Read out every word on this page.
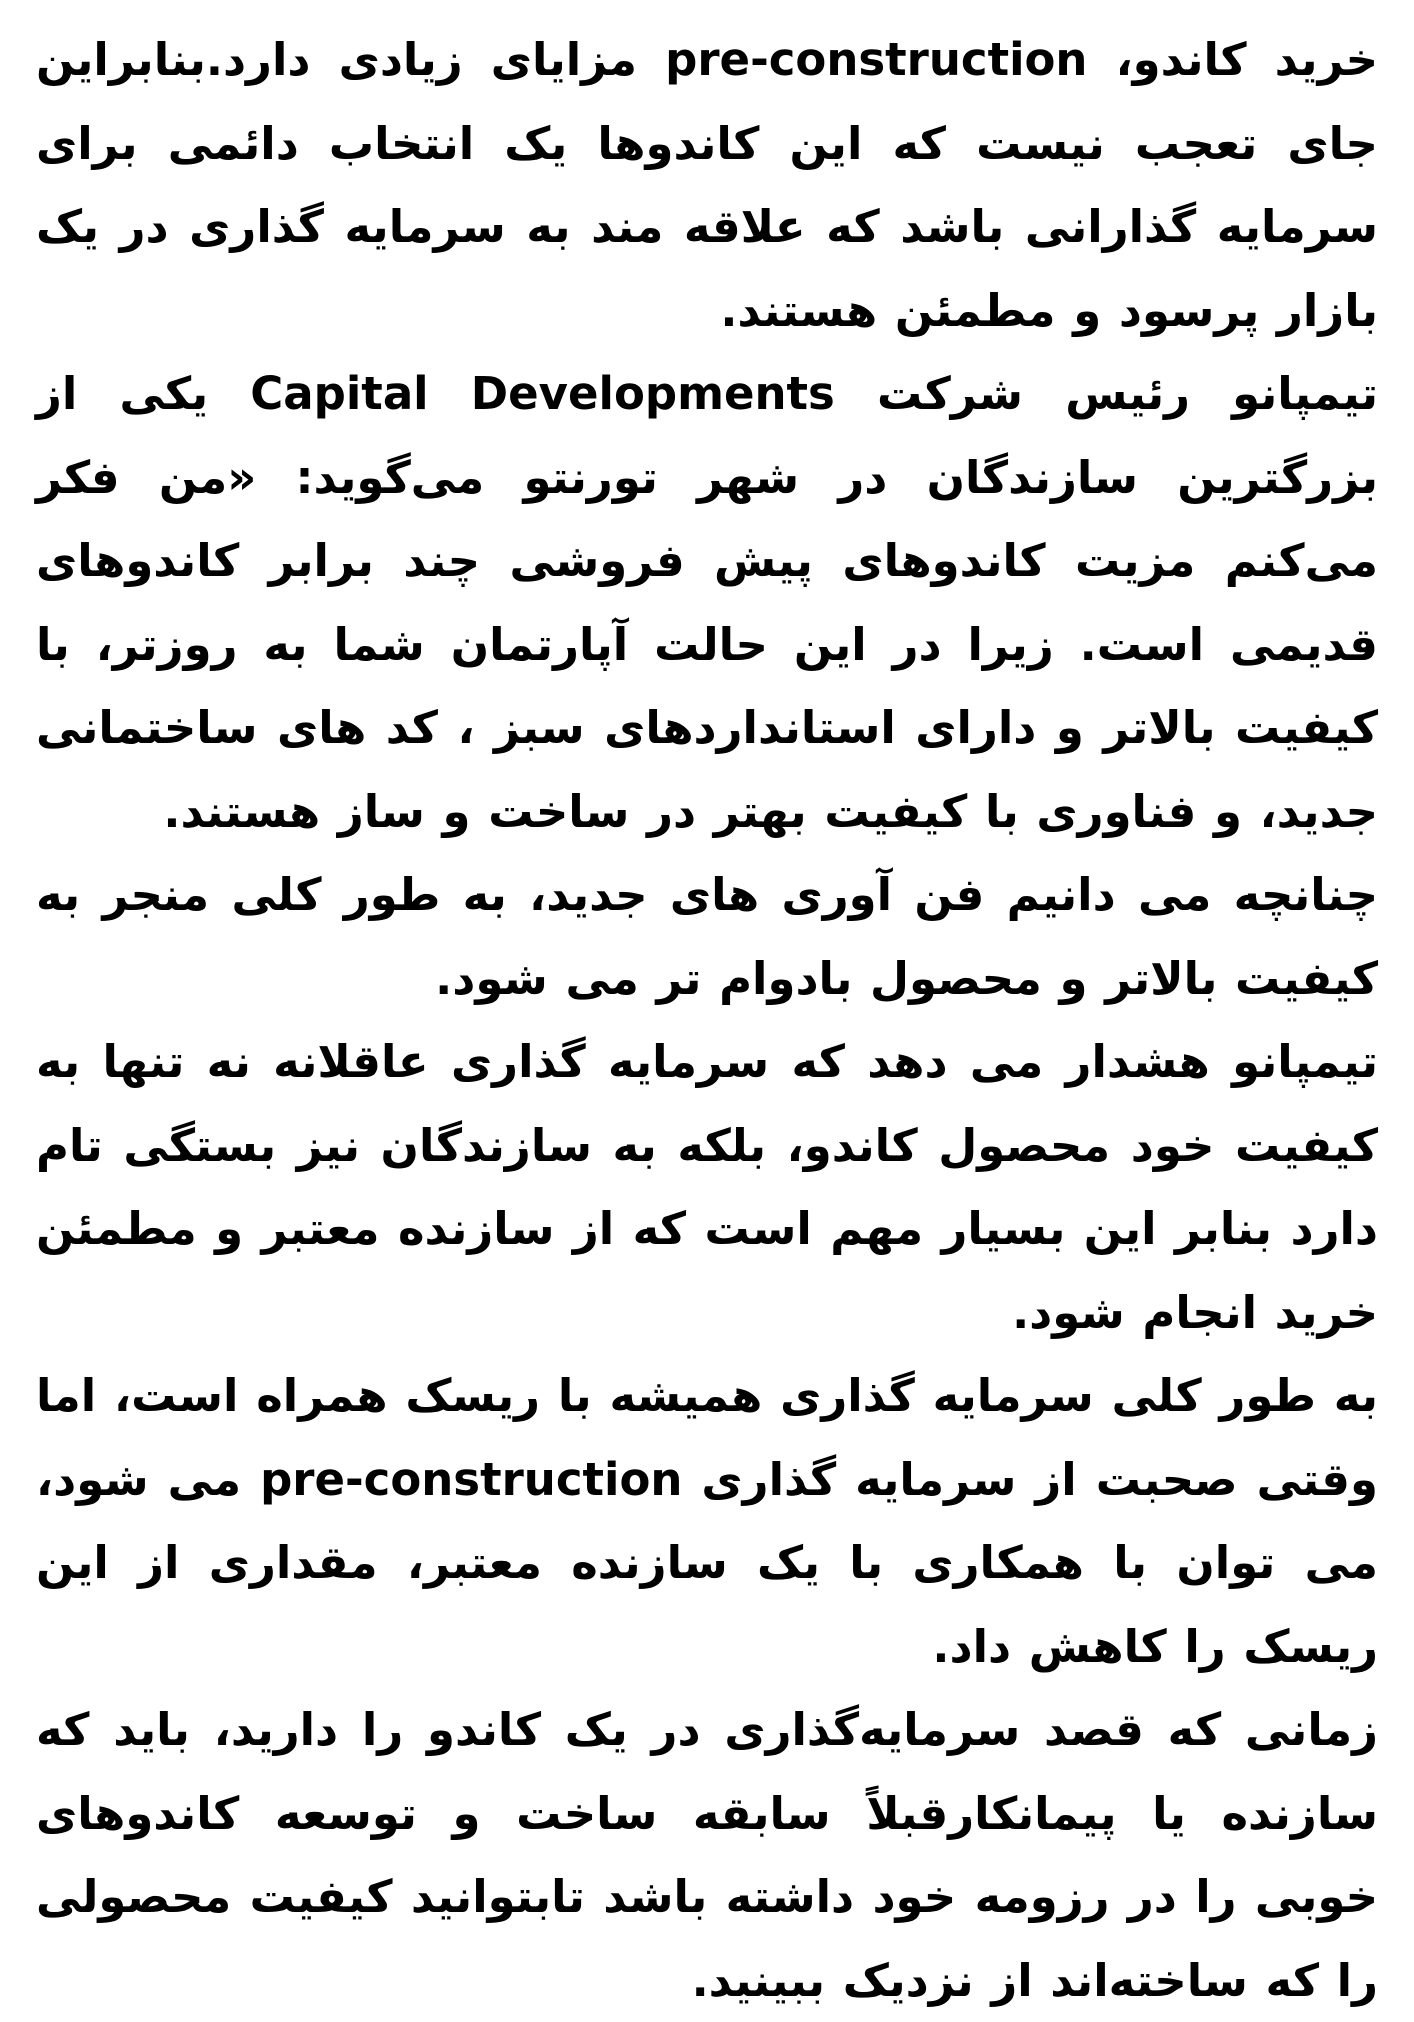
خرید کاندو، pre-construction مزایای زیادی دارد.بنابراین جای تعجب نیست که این کاندوها یک انتخاب دائمی برای سرمایه گذارانی باشد که علاقه مند به سرمایه گذاری در یک بازار پرسود و مطمئن هستند.

تیمپانو رئیس شرکت Capital Developments یکی از بزرگترین سازندگان در شهر تورنتو می‌گوید: «من فکر می‌کنم مزیت کاندوهای پیش فروشی چند برابر کاندوهای قدیمی است. زیرا در این حالت آپارتمان شما به روزتر، با کیفیت بالاتر و دارای استانداردهای سبز ، کد های ساختمانی جدید، و فناوری با کیفیت بهتر در ساخت و ساز هستند.

چنانچه می دانیم فن آوری های جدید، به طور کلی منجر به کیفیت بالاتر و محصول بادوام تر می شود.

تیمپانو هشدار می دهد که سرمایه گذاری عاقلانه نه تنها به کیفیت خود محصول کاندو، بلکه به سازندگان نیز بستگی تام دارد بنابر این بسیار مهم است که از سازنده معتبر و مطمئن خرید انجام شود.

به طور کلی سرمایه گذاری همیشه با ریسک همراه است، اما وقتی صحبت از سرمایه گذاری pre-construction می شود، می توان با همکاری با یک سازنده معتبر، مقداری از این ریسک را کاهش داد.

زمانی که قصد سرمایه‌گذاری در یک کاندو را دارید، باید که سازنده یا پیمانکارقبلاً سابقه ساخت و توسعه کاندوهای خوبی را در رزومه خود داشته باشد تابتوانید کیفیت محصولی را که ساخته‌اند از نزدیک ببینید.
